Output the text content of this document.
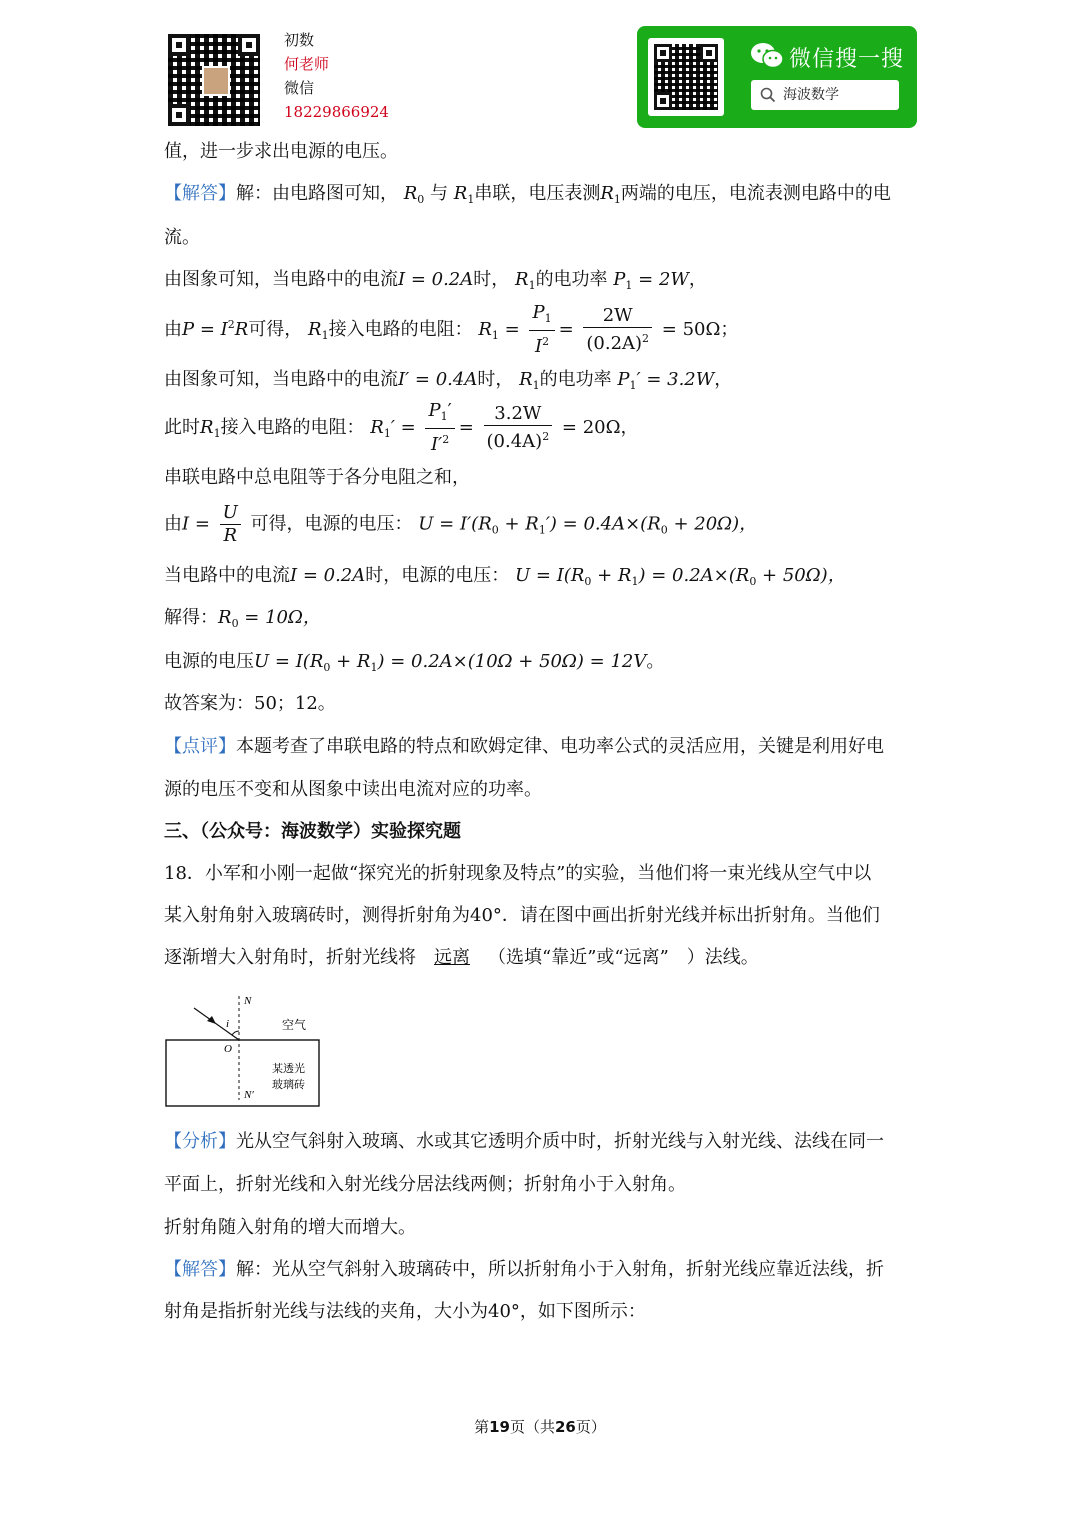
初数
何老师
微信
18229866924
微信搜一搜
海波数学
值，进一步求出电源的电压。
【解答】解：由电路图可知， $R_0$ 与 $R_1$串联，电压表测$R_1$两端的电压，电流表测电路中的电
流。
由图象可知，当电路中的电流I = 0.2A时， $R_1$的电功率 $P_1 = 2W$，
由$P = I^2R$可得， $R_1$接入电路的电阻： $R_1 = \frac{P_1}{I^2} = \frac{2W}{(0.2A)^2} = 50\Omega$；
由图象可知，当电路中的电流I′ = 0.4A时， $R_1$的电功率 $P_1' = 3.2W$，
此时$R_1$接入电路的电阻： $R_1' = \frac{P_1'}{I'^2} = \frac{3.2W}{(0.4A)^2} = 20\Omega$，
串联电路中总电阻等于各分电阻之和，
由$I = \frac{U}{R}$ 可得，电源的电压： $U = I'(R_0 + R_1') = 0.4A\times(R_0 + 20\Omega)$，
当电路中的电流I = 0.2A时，电源的电压： $U = I(R_0 + R_1) = 0.2A\times(R_0 + 50\Omega)$，
解得：$R_0 = 10\Omega$，
电源的电压$U = I(R_0 + R_1) = 0.2A\times(10\Omega + 50\Omega) = 12V$。
故答案为：50；12。
【点评】本题考查了串联电路的特点和欧姆定律、电功率公式的灵活应用，关键是利用好电
源的电压不变和从图象中读出电流对应的功率。
三、（公众号：海波数学）实验探究题
18．小军和小刚一起做“探究光的折射现象及特点”的实验，当他们将一束光线从空气中以
某入射角射入玻璃砖时，测得折射角为40°．请在图中画出折射光线并标出折射角。当他们
逐渐增大入射角时，折射光线将 远离 （选填“靠近”或“远离”　）法线。
N
N′
i
O
空气
某透光
玻璃砖
【分析】光从空气斜射入玻璃、水或其它透明介质中时，折射光线与入射光线、法线在同一
平面上，折射光线和入射光线分居法线两侧；折射角小于入射角。
折射角随入射角的增大而增大。
【解答】解：光从空气斜射入玻璃砖中，所以折射角小于入射角，折射光线应靠近法线，折
射角是指折射光线与法线的夹角，大小为40°，如下图所示：
第19页（共26页）
